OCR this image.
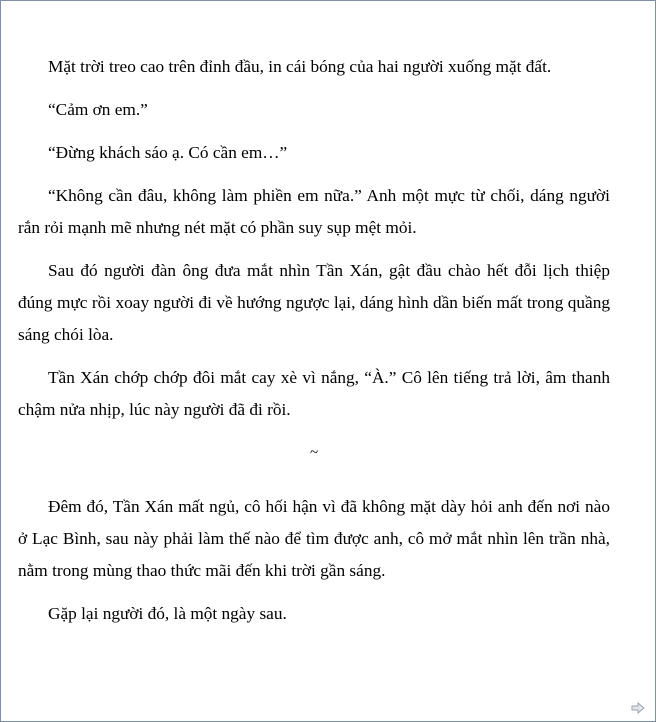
Mặt trời treo cao trên đỉnh đầu, in cái bóng của hai người xuống mặt đất.

“Cảm ơn em.”

“Đừng khách sáo ạ. Có cần em…”

“Không cần đâu, không làm phiền em nữa.” Anh một mực từ chối, dáng người rắn rỏi mạnh mẽ nhưng nét mặt có phần suy sụp mệt mỏi.

Sau đó người đàn ông đưa mắt nhìn Tần Xán, gật đầu chào hết đỗi lịch thiệp đúng mực rồi xoay người đi về hướng ngược lại, dáng hình dần biến mất trong quầng sáng chói lòa.

Tần Xán chớp chớp đôi mắt cay xè vì nắng, “À.” Cô lên tiếng trả lời, âm thanh chậm nửa nhịp, lúc này người đã đi rồi.

~

Đêm đó, Tần Xán mất ngủ, cô hối hận vì đã không mặt dày hỏi anh đến nơi nào ở Lạc Bình, sau này phải làm thế nào để tìm được anh, cô mở mắt nhìn lên trần nhà, nằm trong mùng thao thức mãi đến khi trời gần sáng.

Gặp lại người đó, là một ngày sau.
